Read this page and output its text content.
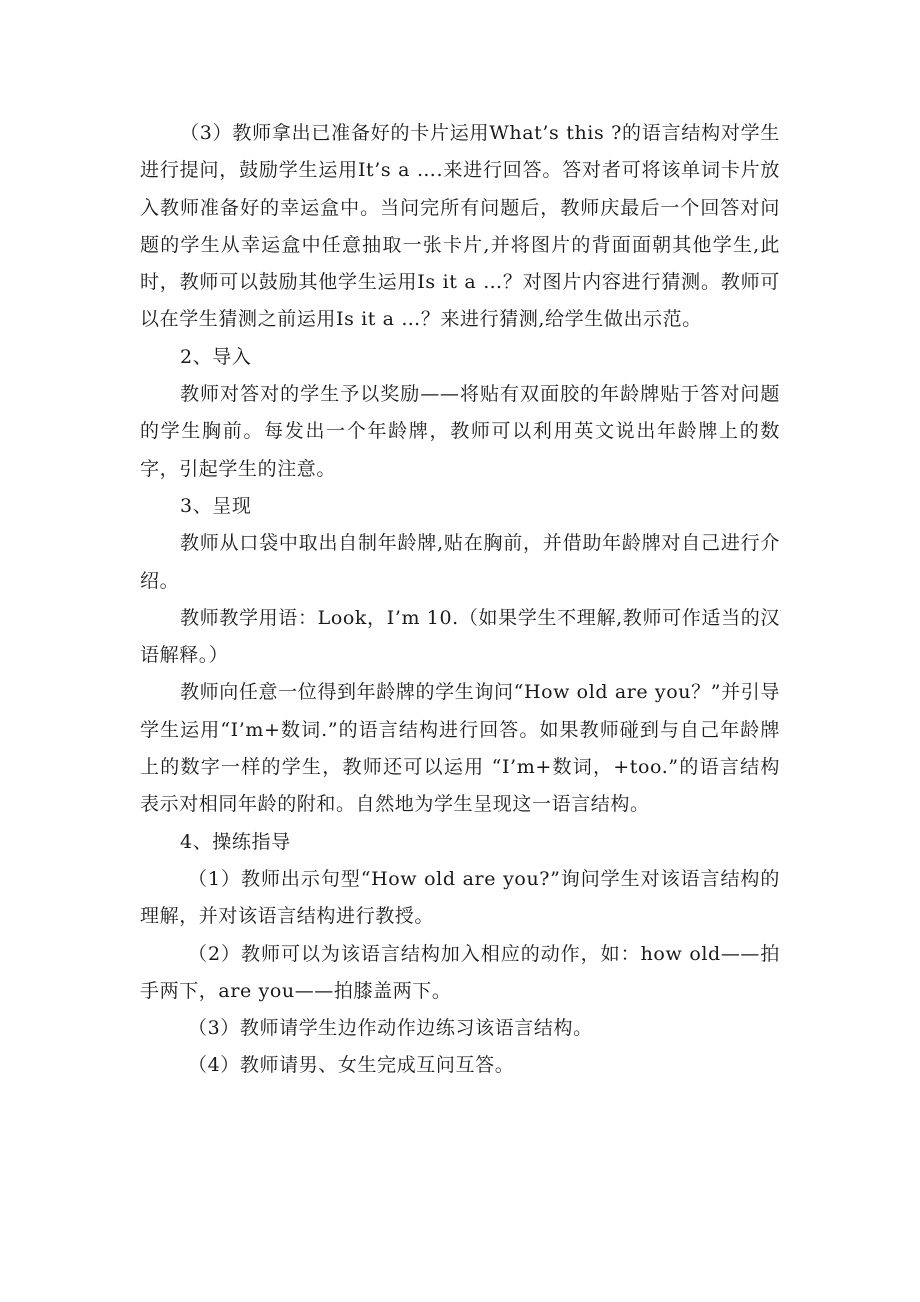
（3）教师拿出已准备好的卡片运用What’s this ?的语言结构对学生进行提问，鼓励学生运用It’s a ….来进行回答。答对者可将该单词卡片放入教师准备好的幸运盒中。当问完所有问题后，教师庆最后一个回答对问题的学生从幸运盒中任意抽取一张卡片,并将图片的背面面朝其他学生,此时，教师可以鼓励其他学生运用Is it a …？对图片内容进行猜测。教师可以在学生猜测之前运用Is it a …？来进行猜测,给学生做出示范。

2、导入

教师对答对的学生予以奖励——将贴有双面胶的年龄牌贴于答对问题的学生胸前。每发出一个年龄牌，教师可以利用英文说出年龄牌上的数字，引起学生的注意。

3、呈现

教师从口袋中取出自制年龄牌,贴在胸前，并借助年龄牌对自己进行介绍。

教师教学用语：Look，I’m 10.（如果学生不理解,教师可作适当的汉语解释。）

教师向任意一位得到年龄牌的学生询问“How old are you？”并引导学生运用“I’m+数词.”的语言结构进行回答。如果教师碰到与自己年龄牌上的数字一样的学生，教师还可以运用 “I’m+数词，+too.”的语言结构表示对相同年龄的附和。自然地为学生呈现这一语言结构。

4、操练指导

（1）教师出示句型“How old are you?”询问学生对该语言结构的理解，并对该语言结构进行教授。

（2）教师可以为该语言结构加入相应的动作，如：how old——拍手两下，are you——拍膝盖两下。

（3）教师请学生边作动作边练习该语言结构。

（4）教师请男、女生完成互问互答。
